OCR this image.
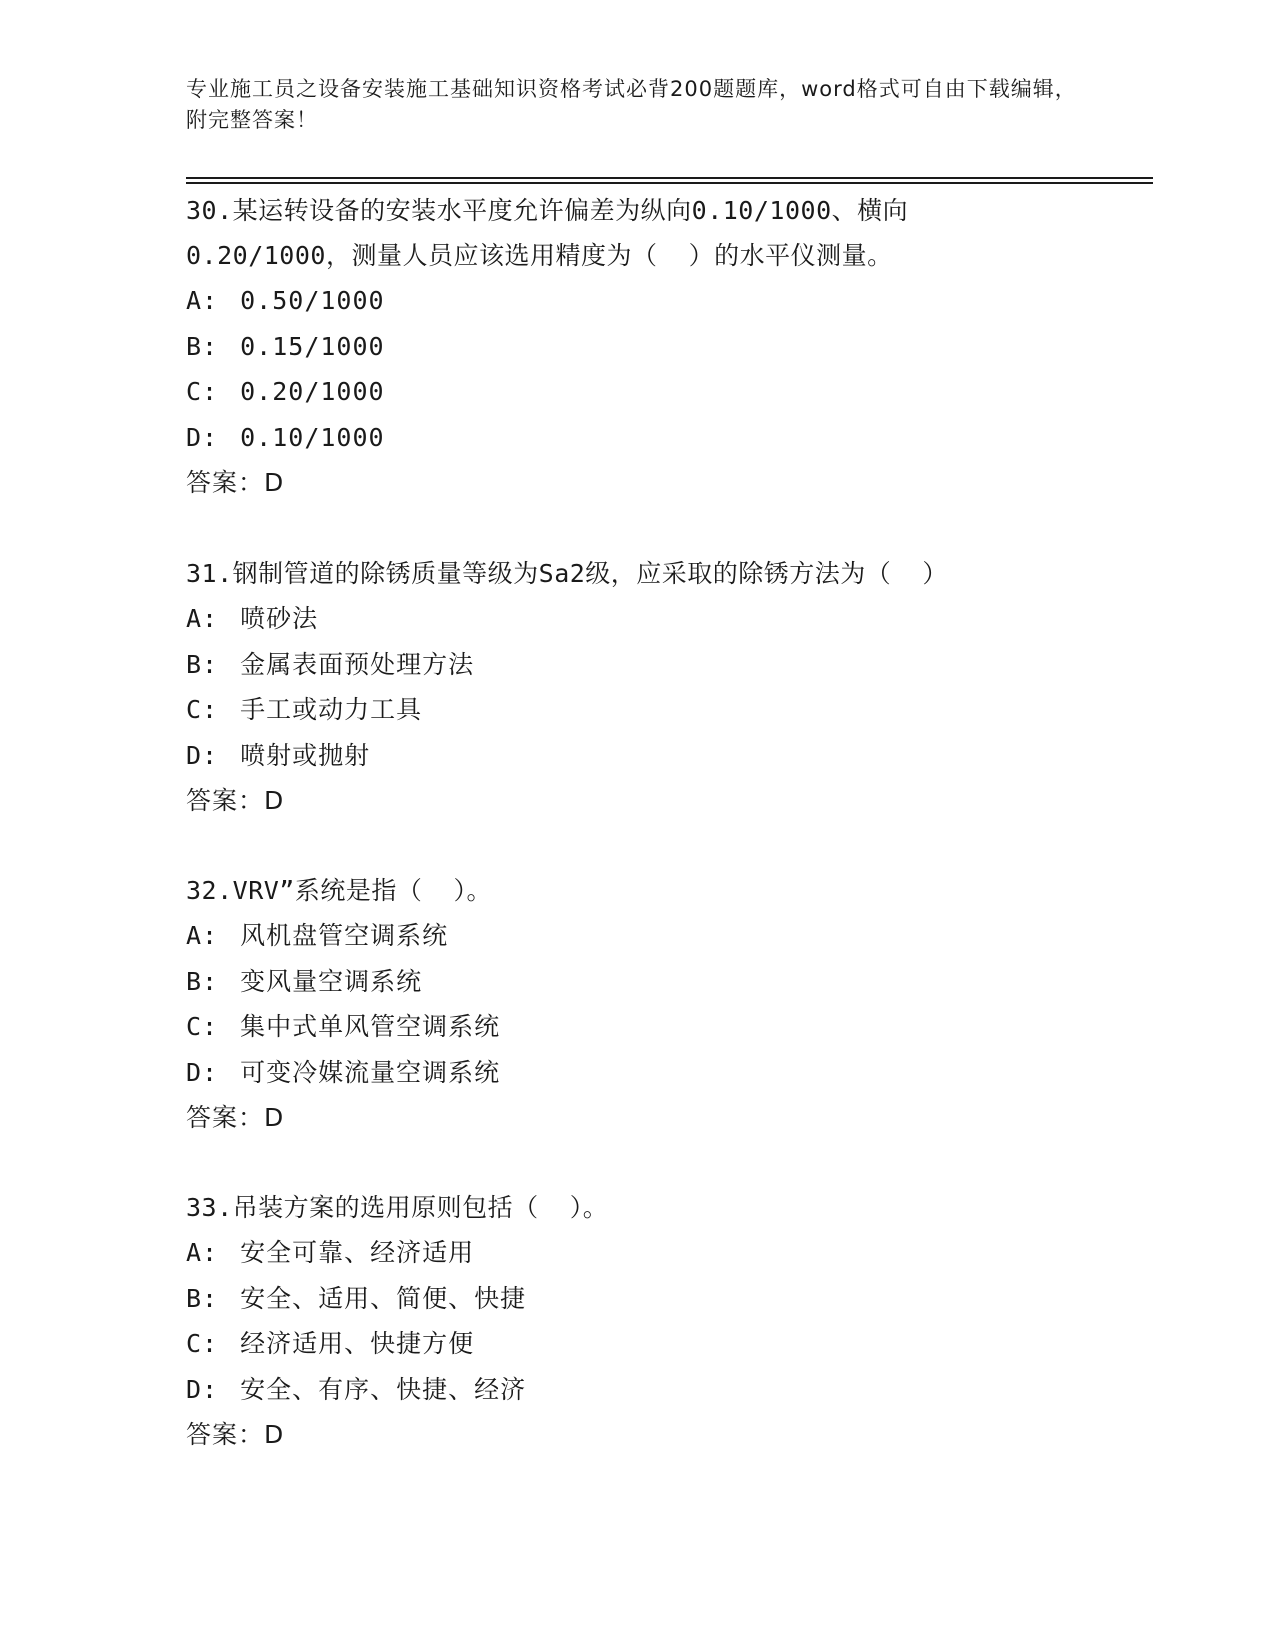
专业施工员之设备安装施工基础知识资格考试必背200题题库，word格式可自由下载编辑，附完整答案！

30.某运转设备的安装水平度允许偏差为纵向0.10/1000、横向0.20/1000，测量人员应该选用精度为（  ）的水平仪测量。

A: 0.50/1000

B: 0.15/1000

C: 0.20/1000

D: 0.10/1000

答案：D

31.钢制管道的除锈质量等级为Sa2级，应采取的除锈方法为（  ）

A: 喷砂法

B: 金属表面预处理方法

C: 手工或动力工具

D: 喷射或抛射

答案：D

32.VRV”系统是指（  ）。

A: 风机盘管空调系统

B: 变风量空调系统

C: 集中式单风管空调系统

D: 可变冷媒流量空调系统

答案：D

33.吊装方案的选用原则包括（  ）。

A: 安全可靠、经济适用

B: 安全、适用、简便、快捷

C: 经济适用、快捷方便

D: 安全、有序、快捷、经济

答案：D
